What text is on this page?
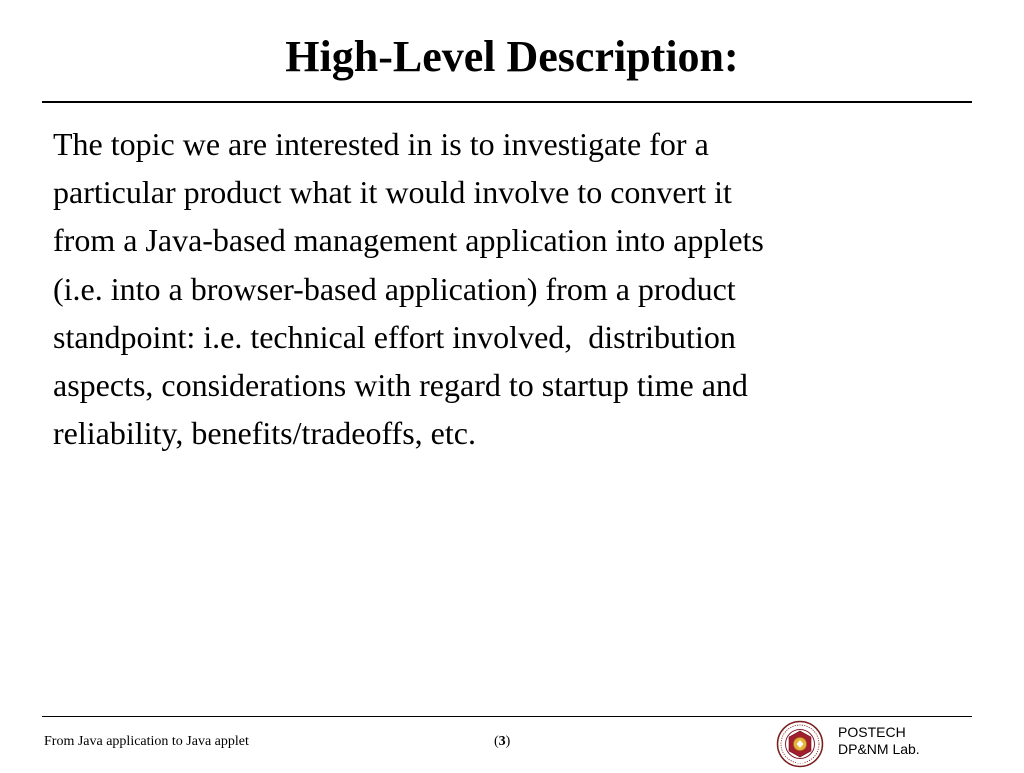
High-Level Description:

The topic we are interested in is to investigate for a
particular product what it would involve to convert it
from a Java-based management application into applets
(i.e. into a browser-based application) from a product
standpoint: i.e. technical effort involved,  distribution
aspects, considerations with regard to startup time and
reliability, benefits/tradeoffs, etc.

From Java application to Java applet	(3)
POSTECH
DP&NM Lab.
